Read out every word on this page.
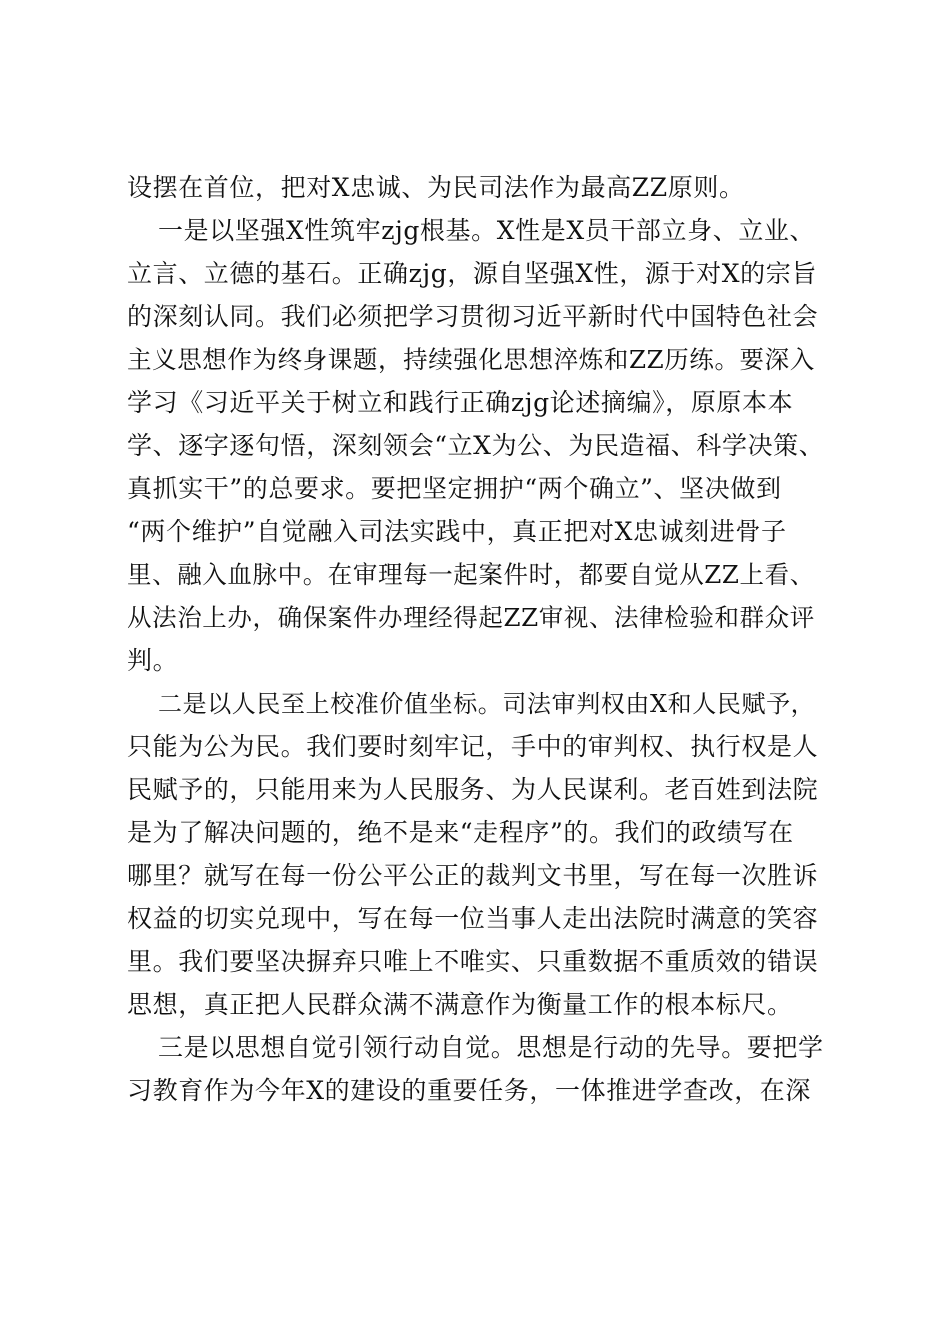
设摆在首位，把对X忠诚、为民司法作为最高ZZ原则。
一是以坚强X性筑牢zjg根基。X性是X员干部立身、立业、
立言、立德的基石。正确zjg，源自坚强X性，源于对X的宗旨
的深刻认同。我们必须把学习贯彻习近平新时代中国特色社会
主义思想作为终身课题，持续强化思想淬炼和ZZ历练。要深入
学习《习近平关于树立和践行正确zjg论述摘编》，原原本本
学、逐字逐句悟，深刻领会“立X为公、为民造福、科学决策、
真抓实干”的总要求。要把坚定拥护“两个确立”、坚决做到
“两个维护”自觉融入司法实践中，真正把对X忠诚刻进骨子
里、融入血脉中。在审理每一起案件时，都要自觉从ZZ上看、
从法治上办，确保案件办理经得起ZZ审视、法律检验和群众评
判。
二是以人民至上校准价值坐标。司法审判权由X和人民赋予，
只能为公为民。我们要时刻牢记，手中的审判权、执行权是人
民赋予的，只能用来为人民服务、为人民谋利。老百姓到法院
是为了解决问题的，绝不是来“走程序”的。我们的政绩写在
哪里？就写在每一份公平公正的裁判文书里，写在每一次胜诉
权益的切实兑现中，写在每一位当事人走出法院时满意的笑容
里。我们要坚决摒弃只唯上不唯实、只重数据不重质效的错误
思想，真正把人民群众满不满意作为衡量工作的根本标尺。
三是以思想自觉引领行动自觉。思想是行动的先导。要把学
习教育作为今年X的建设的重要任务，一体推进学查改，在深
